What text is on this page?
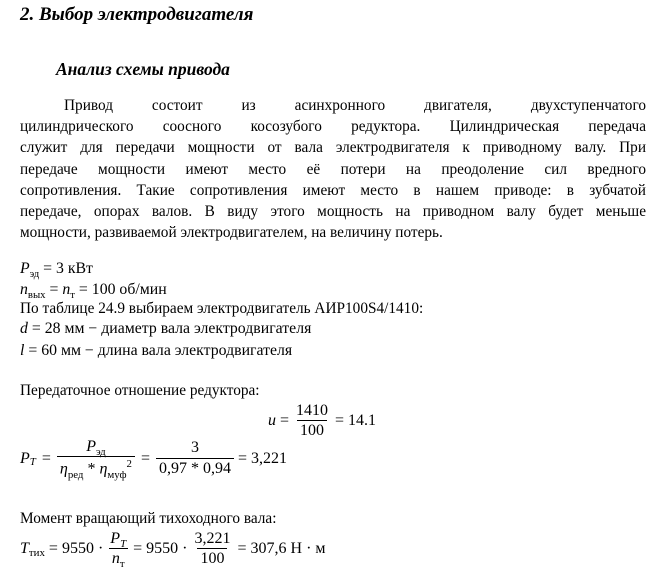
2. Выбор электродвигателя
Анализ схемы привода
Привод состоит из асинхронного двигателя, двухступенчатого
цилиндрического соосного косозубого редуктора. Цилиндрическая передача
служит для передачи мощности от вала электродвигателя к приводному валу. При
передаче мощности имеют место её потери на преодоление сил вредного
сопротивления. Такие сопротивления имеют место в нашем приводе: в зубчатой
передаче, опорах валов. В виду этого мощность на приводном валу будет меньше
мощности, развиваемой электродвигателем, на величину потерь.
$P_{эд} = 3$ кВт
$n_{вых} = n_т = 100$ об/мин
По таблице 24.9 выбираем электродвигатель АИР100S4/1410:
d = 28 мм − диаметр вала электродвигателя
l = 60 мм − длина вала электродвигателя
Передаточное отношение редуктора:
$u = \frac{1410}{100} = 14.1$
P $T = \frac{P_{эд}}{\eta_{ред} * \eta_{муф}^2} = \frac{3}{0,97 * 0,94} = 3,221$
Момент вращающий тихоходного вала:
T тих = $9550 \cdot \frac{P_T}{n_т} = 9550 \cdot \frac{3,221}{100} = 307,6$ Н · м
